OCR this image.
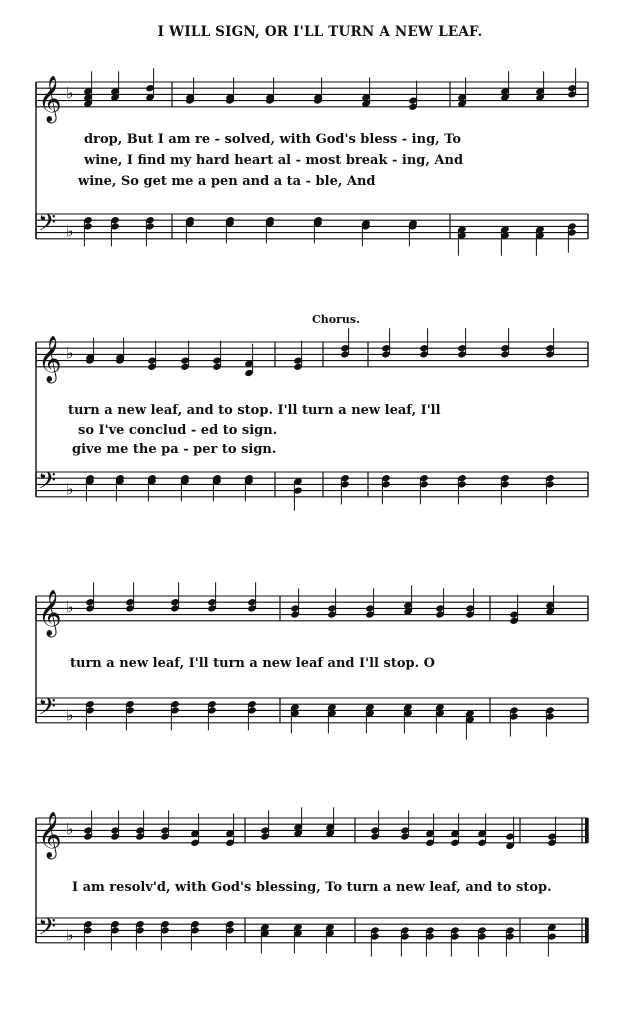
I WILL SIGN, OR I'LL TURN A NEW LEAF.
Chorus.
drop, But I am re - solved, with God's bless - ing, To
wine, I find my hard heart al - most break - ing, And
wine, So get me a pen and a ta - ble, And
turn a new leaf, and to stop. I'll turn a new leaf, I'll
so I've conclud - ed to sign.
give me the pa - per to sign.
turn a new leaf, I'll turn a new leaf and I'll stop. O
I am resolv'd, with God's blessing, To turn a new leaf, and to stop.
𝄞 ♭
𝄢 ♭
𝄞 ♭
𝄢 ♭
𝄞 ♭
𝄢 ♭
𝄞 ♭
𝄢 ♭
